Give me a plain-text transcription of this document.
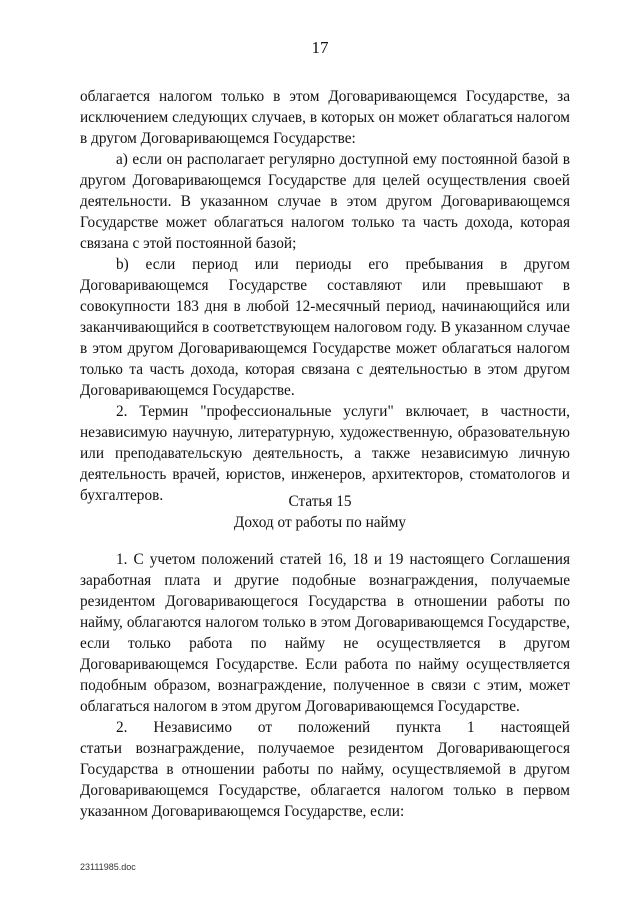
17
облагается налогом только в этом Договаривающемся Государстве, за
исключением следующих случаев, в которых он может облагаться налогом
в другом Договаривающемся Государстве:
а) если он располагает регулярно доступной ему постоянной базой в
другом Договаривающемся Государстве для целей осуществления своей
деятельности. В указанном случае в этом другом Договаривающемся
Государстве может облагаться налогом только та часть дохода, которая
связана с этой постоянной базой;
b) если период или периоды его пребывания в другом
Договаривающемся Государстве составляют или превышают в
совокупности 183 дня в любой 12-месячный период, начинающийся или
заканчивающийся в соответствующем налоговом году. В указанном случае
в этом другом Договаривающемся Государстве может облагаться налогом
только та часть дохода, которая связана с деятельностью в этом другом
Договаривающемся Государстве.
2. Термин "профессиональные услуги" включает, в частности,
независимую научную, литературную, художественную, образовательную
или преподавательскую деятельность, а также независимую личную
деятельность врачей, юристов, инженеров, архитекторов, стоматологов и
бухгалтеров.	Статья 15
Доход от работы по найму
1. С учетом положений статей 16, 18 и 19 настоящего Соглашения
заработная плата и другие подобные вознаграждения, получаемые
резидентом Договаривающегося Государства в отношении работы по
найму, облагаются налогом только в этом Договаривающемся Государстве,
если только работа по найму не осуществляется в другом
Договаривающемся Государстве. Если работа по найму осуществляется
подобным образом, вознаграждение, полученное в связи с этим, может
облагаться налогом в этом другом Договаривающемся Государстве.
2. Независимо от положений пункта 1 настоящей
статьи вознаграждение, получаемое резидентом Договаривающегося
Государства в отношении работы по найму, осуществляемой в другом
Договаривающемся Государстве, облагается налогом только в первом
указанном Договаривающемся Государстве, если:
23111985.doc
